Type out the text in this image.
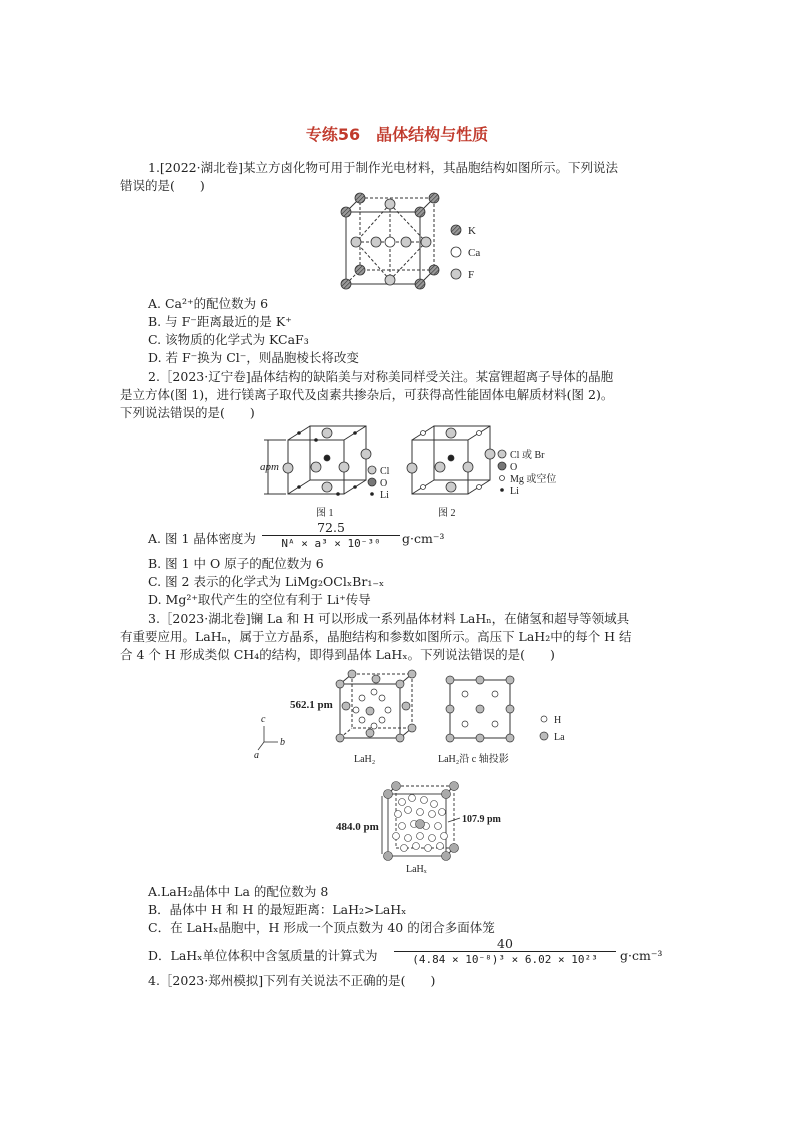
专练56　晶体结构与性质
1.[2022·湖北卷]某立方卤化物可用于制作光电材料，其晶胞结构如图所示。下列说法
错误的是(　　)
K
Ca
F
A. Ca²⁺的配位数为 6
B. 与 F⁻距离最近的是 K⁺
C. 该物质的化学式为 KCaF₃
D. 若 F⁻换为 Cl⁻，则晶胞棱长将改变
2.［2023·辽宁卷]晶体结构的缺陷美与对称美同样受关注。某富锂超离子导体的晶胞
是立方体(图 1)，进行镁离子取代及卤素共掺杂后，可获得高性能固体电解质材料(图 2)。
下列说法错误的是(　　)
apm	Cl
O
Li
图 1
Cl 或 Br
O
Mg 或空位
Li
图 2
A. 图 1 晶体密度为 $\frac{72.5}{\text{Nᴬ × a³ × 10⁻³⁰}} g\cdot cm^{-3}$
B. 图 1 中 O 原子的配位数为 6
C. 图 2 表示的化学式为 LiMg₂OClₓBr₁₋ₓ
D. Mg²⁺取代产生的空位有利于 Li⁺传导
3.［2023·湖北卷]镧 La 和 H 可以形成一系列晶体材料 LaHₙ，在储氢和超导等领域具
有重要应用。LaHₙ，属于立方晶系，晶胞结构和参数如图所示。高压下 LaH₂中的每个 H 结
合 4 个 H 形成类似 CH₄的结构，即得到晶体 LaHₓ。下列说法错误的是(　　)
562.1 pm
H
La
c
b
a	LaH₂	LaH₂沿 c 轴投影
484.0 pm
107.9 pm
LaHₓ
A.LaH₂晶体中 La 的配位数为 8
B．晶体中 H 和 H 的最短距离：LaH₂>LaHₓ
C．在 LaHₓ晶胞中，H 形成一个顶点数为 40 的闭合多面体笼
D．LaHₓ单位体积中含氢质量的计算式为 $\frac{40}{\text{(4.84 × 10⁻⁸)³ × 6.02 × 10²³}} g\cdot cm^{-3}$
4.［2023·郑州模拟]下列有关说法不正确的是(　　)
